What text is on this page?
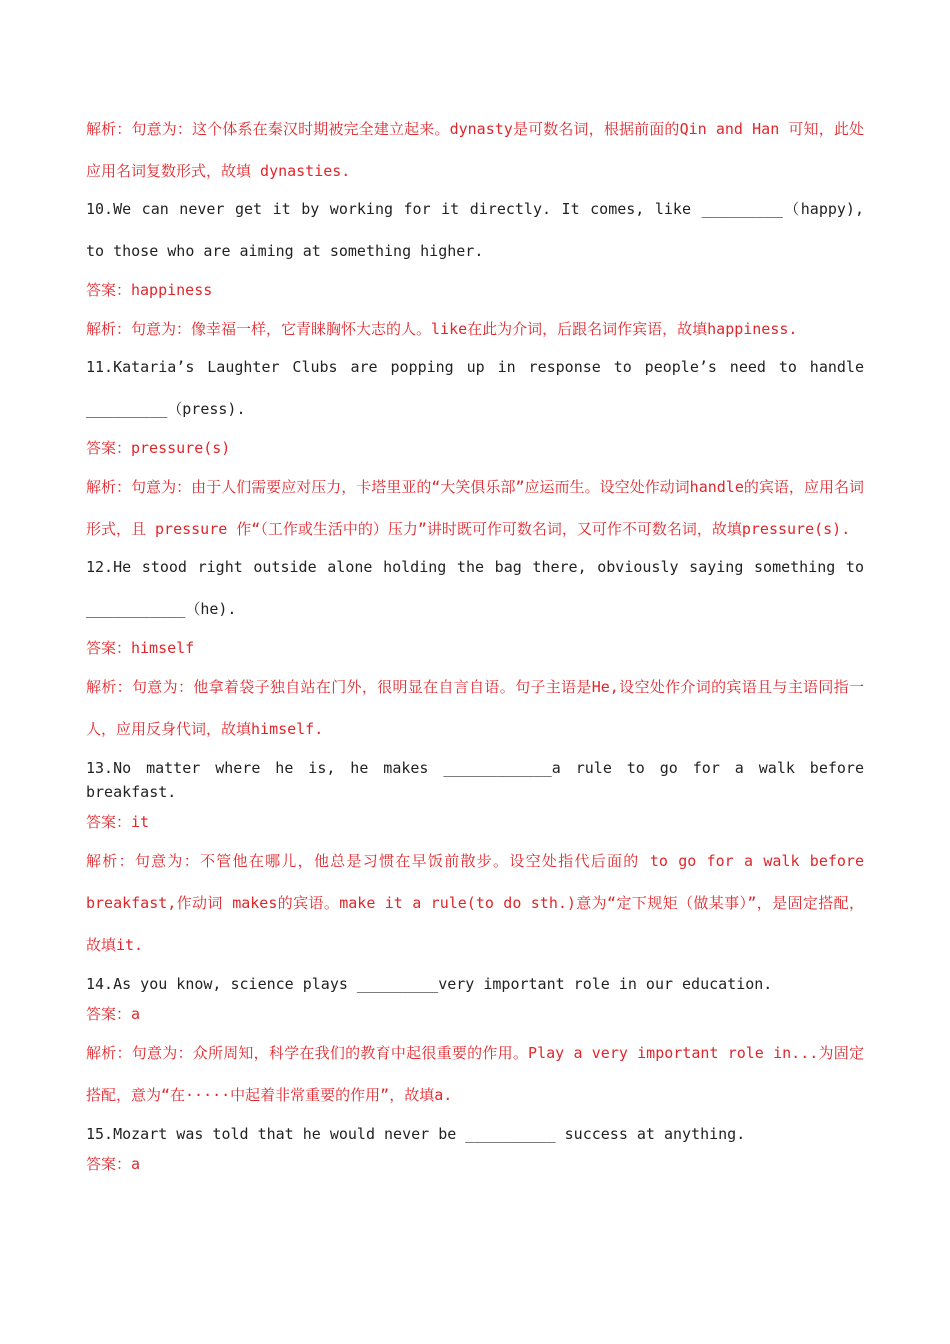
解析：句意为：这个体系在秦汉时期被完全建立起来。dynasty是可数名词，根据前面的Qin and Han 可知，此处应用名词复数形式，故填 dynasties.

10.We can never get it by working for it directly. It comes, like _________（happy), to those who are aiming at something higher.

答案：happiness

解析：句意为：像幸福一样，它青睐胸怀大志的人。like在此为介词，后跟名词作宾语，故填happiness.

11.Kataria’s Laughter Clubs are popping up in response to people’s need to handle _________（press).

答案：pressure(s)

解析：句意为：由于人们需要应对压力，卡塔里亚的“大笑俱乐部”应运而生。设空处作动词handle的宾语，应用名词形式，且 pressure 作“（工作或生活中的）压力”讲时既可作可数名词，又可作不可数名词，故填pressure(s).

12.He stood right outside alone holding the bag there, obviously saying something to ___________（he).

答案：himself

解析：句意为：他拿着袋子独自站在门外，很明显在自言自语。句子主语是He,设空处作介词的宾语且与主语同指一人，应用反身代词，故填himself.

13.No matter where he is, he makes ____________a rule to go for a walk before breakfast.

答案：it

解析：句意为：不管他在哪儿，他总是习惯在早饭前散步。设空处指代后面的 to go for a walk before breakfast,作动词 makes的宾语。make it a rule(to do sth.)意为“定下规矩（做某事）”，是固定搭配，故填it.

14.As you know, science plays _________very important role in our education.

答案：a

解析：句意为：众所周知，科学在我们的教育中起很重要的作用。Play a very important role in...为固定搭配，意为“在·····中起着非常重要的作用”，故填a.

15.Mozart was told that he would never be __________ success at anything.

答案：a
